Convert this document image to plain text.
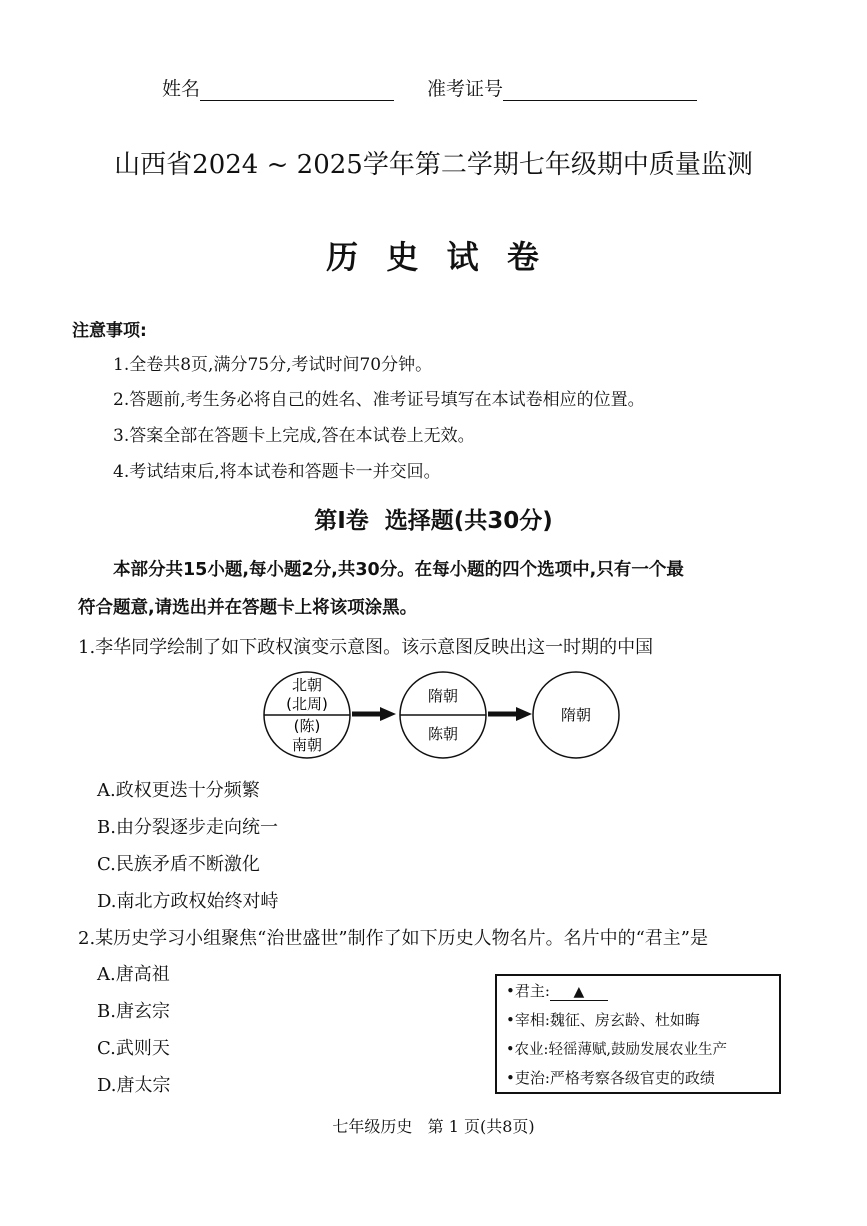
姓名	准考证号
山西省2024 ~ 2025学年第二学期七年级期中质量监测
历  史  试  卷
注意事项:
1.全卷共8页,满分75分,考试时间70分钟。
2.答题前,考生务必将自己的姓名、准考证号填写在本试卷相应的位置。
3.答案全部在答题卡上完成,答在本试卷上无效。
4.考试结束后,将本试卷和答题卡一并交回。
第Ⅰ卷  选择题(共30分)
本部分共15小题,每小题2分,共30分。在每小题的四个选项中,只有一个最
符合题意,请选出并在答题卡上将该项涂黑。
1.李华同学绘制了如下政权演变示意图。该示意图反映出这一时期的中国
北朝
(北周)
(陈)
南朝
隋朝
陈朝
隋朝
A.政权更迭十分频繁
B.由分裂逐步走向统一
C.民族矛盾不断激化
D.南北方政权始终对峙
2.某历史学习小组聚焦“治世盛世”制作了如下历史人物名片。名片中的“君主”是
A.唐高祖
B.唐玄宗
C.武则天
D.唐太宗
•君主: ▲
•宰相:魏征、房玄龄、杜如晦
•农业:轻徭薄赋,鼓励发展农业生产
•吏治:严格考察各级官吏的政绩
七年级历史   第 1 页(共8页)
